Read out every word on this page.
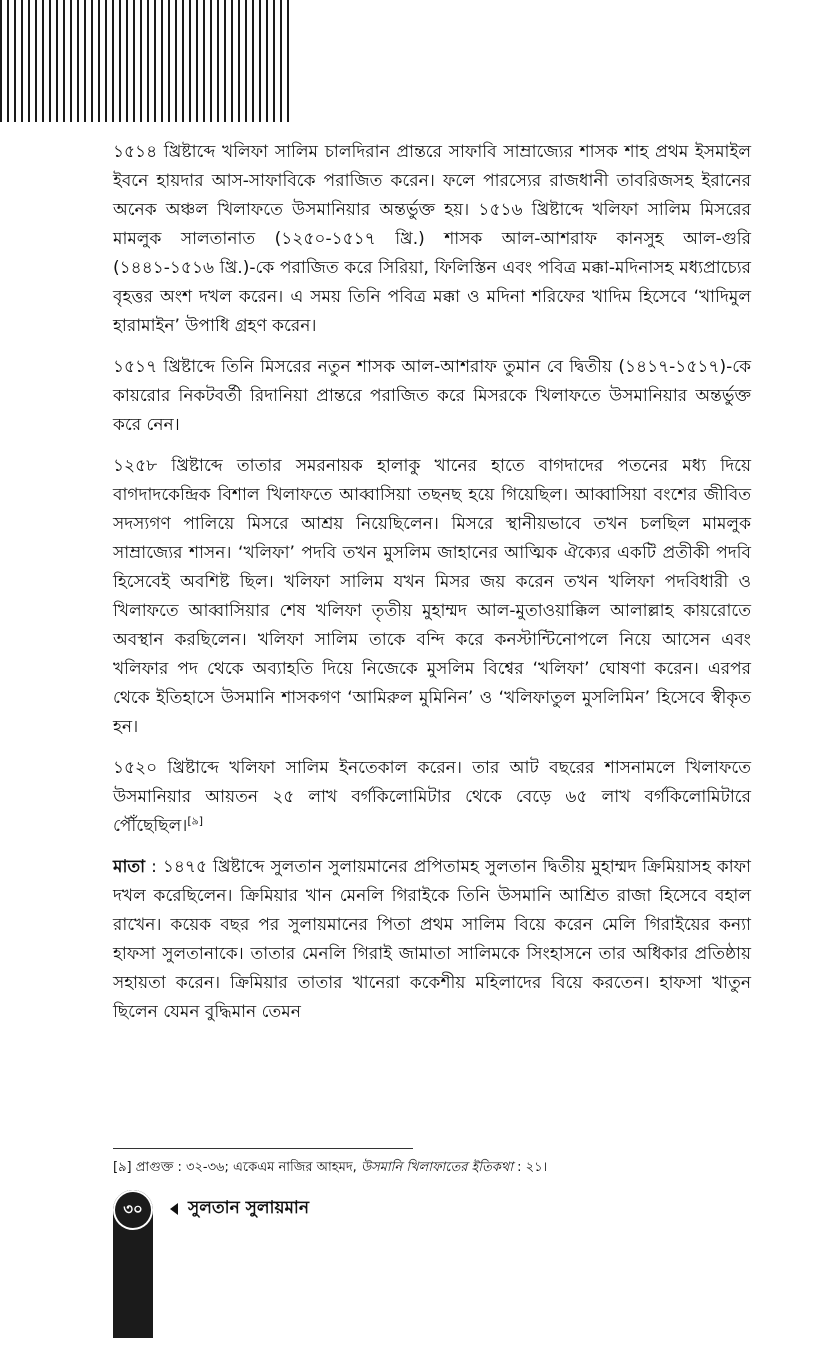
১৫১৪ খ্রিষ্টাব্দে খলিফা সালিম চালদিরান প্রান্তরে সাফাবি সাম্রাজ্যের শাসক শাহ প্রথম ইসমাইল ইবনে হায়দার আস-সাফাবিকে পরাজিত করেন। ফলে পারস্যের রাজধানী তাবরিজসহ ইরানের অনেক অঞ্চল খিলাফতে উসমানিয়ার অন্তর্ভুক্ত হয়। ১৫১৬ খ্রিষ্টাব্দে খলিফা সালিম মিসরের মামলুক সালতানাত (১২৫০-১৫১৭ খ্রি.) শাসক আল-আশরাফ কানসুহ আল-গুরি (১৪৪১-১৫১৬ খ্রি.)-কে পরাজিত করে সিরিয়া, ফিলিস্তিন এবং পবিত্র মক্কা-মদিনাসহ মধ্যপ্রাচ্যের বৃহত্তর অংশ দখল করেন। এ সময় তিনি পবিত্র মক্কা ও মদিনা শরিফের খাদিম হিসেবে ‘খাদিমুল হারামাইন’ উপাধি গ্রহণ করেন।

১৫১৭ খ্রিষ্টাব্দে তিনি মিসরের নতুন শাসক আল-আশরাফ তুমান বে দ্বিতীয় (১৪১৭-১৫১৭)-কে কায়রোর নিকটবর্তী রিদানিয়া প্রান্তরে পরাজিত করে মিসরকে খিলাফতে উসমানিয়ার অন্তর্ভুক্ত করে নেন।

১২৫৮ খ্রিষ্টাব্দে তাতার সমরনায়ক হালাকু খানের হাতে বাগদাদের পতনের মধ্য দিয়ে বাগদাদকেন্দ্রিক বিশাল খিলাফতে আব্বাসিয়া তছনছ হয়ে গিয়েছিল। আব্বাসিয়া বংশের জীবিত সদস্যগণ পালিয়ে মিসরে আশ্রয় নিয়েছিলেন। মিসরে স্থানীয়ভাবে তখন চলছিল মামলুক সাম্রাজ্যের শাসন। ‘খলিফা’ পদবি তখন মুসলিম জাহানের আত্মিক ঐক্যের একটি প্রতীকী পদবি হিসেবেই অবশিষ্ট ছিল। খলিফা সালিম যখন মিসর জয় করেন তখন খলিফা পদবিধারী ও খিলাফতে আব্বাসিয়ার শেষ খলিফা তৃতীয় মুহাম্মদ আল-মুতাওয়াক্কিল আলাল্লাহ কায়রোতে অবস্থান করছিলেন। খলিফা সালিম তাকে বন্দি করে কনস্টান্টিনোপলে নিয়ে আসেন এবং খলিফার পদ থেকে অব্যাহতি দিয়ে নিজেকে মুসলিম বিশ্বের ‘খলিফা’ ঘোষণা করেন। এরপর থেকে ইতিহাসে উসমানি শাসকগণ ‘আমিরুল মুমিনিন’ ও ‘খলিফাতুল মুসলিমিন’ হিসেবে স্বীকৃত হন।

১৫২০ খ্রিষ্টাব্দে খলিফা সালিম ইনতেকাল করেন। তার আট বছরের শাসনামলে খিলাফতে উসমানিয়ার আয়তন ২৫ লাখ বর্গকিলোমিটার থেকে বেড়ে ৬৫ লাখ বর্গকিলোমিটারে পৌঁছেছিল।[৯]

মাতা : ১৪৭৫ খ্রিষ্টাব্দে সুলতান সুলায়মানের প্রপিতামহ সুলতান দ্বিতীয় মুহাম্মদ ক্রিমিয়াসহ কাফা দখল করেছিলেন। ক্রিমিয়ার খান মেনলি গিরাইকে তিনি উসমানি আশ্রিত রাজা হিসেবে বহাল রাখেন। কয়েক বছর পর সুলায়মানের পিতা প্রথম সালিম বিয়ে করেন মেলি গিরাইয়ের কন্যা হাফসা সুলতানাকে। তাতার মেনলি গিরাই জামাতা সালিমকে সিংহাসনে তার অধিকার প্রতিষ্ঠায় সহায়তা করেন। ক্রিমিয়ার তাতার খানেরা ককেশীয় মহিলাদের বিয়ে করতেন। হাফসা খাতুন ছিলেন যেমন বুদ্ধিমান তেমন

[৯] প্রাগুক্ত : ৩২-৩৬; একেএম নাজির আহমদ, উসমানি খিলাফাতের ইতিকথা : ২১।

৩০	সুলতান সুলায়মান
